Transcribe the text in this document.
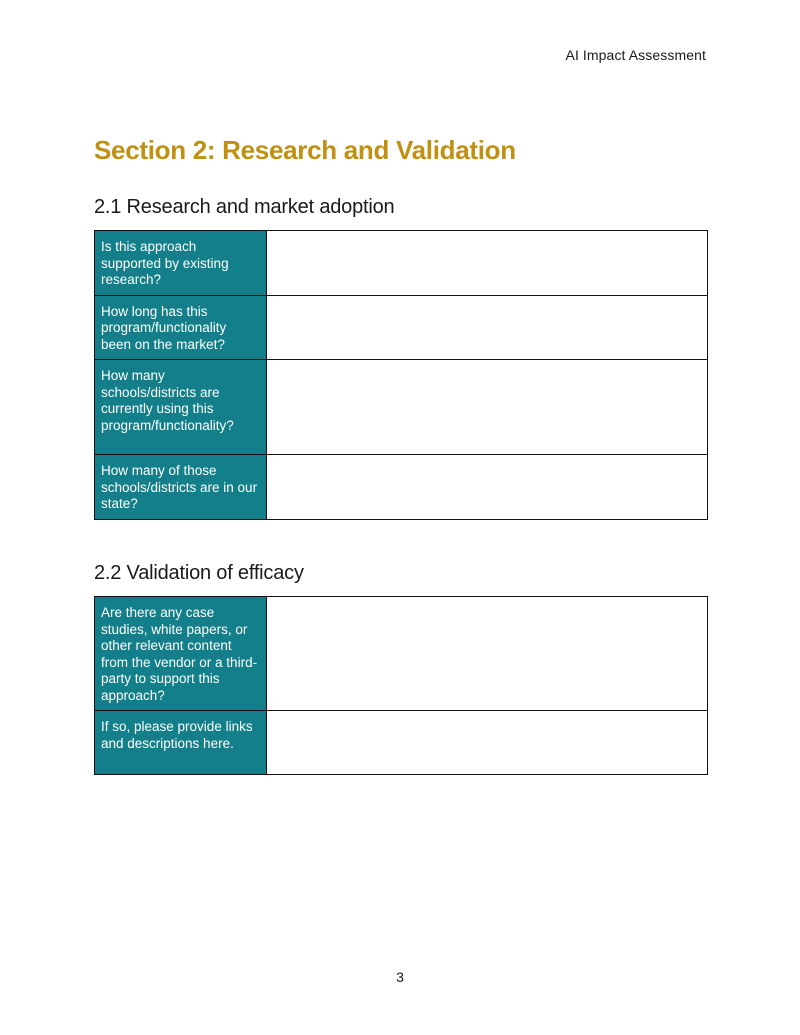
AI Impact Assessment
Section 2: Research and Validation
2.1 Research and market adoption
Is this approach supported by existing research?	
How long has this program/functionality been on the market?	
How many schools/districts are currently using this program/functionality?	
How many of those schools/districts are in our state?	
2.2 Validation of efficacy
Are there any case studies, white papers, or other relevant content from the vendor or a third-party to support this approach?	
If so, please provide links and descriptions here.	
3
